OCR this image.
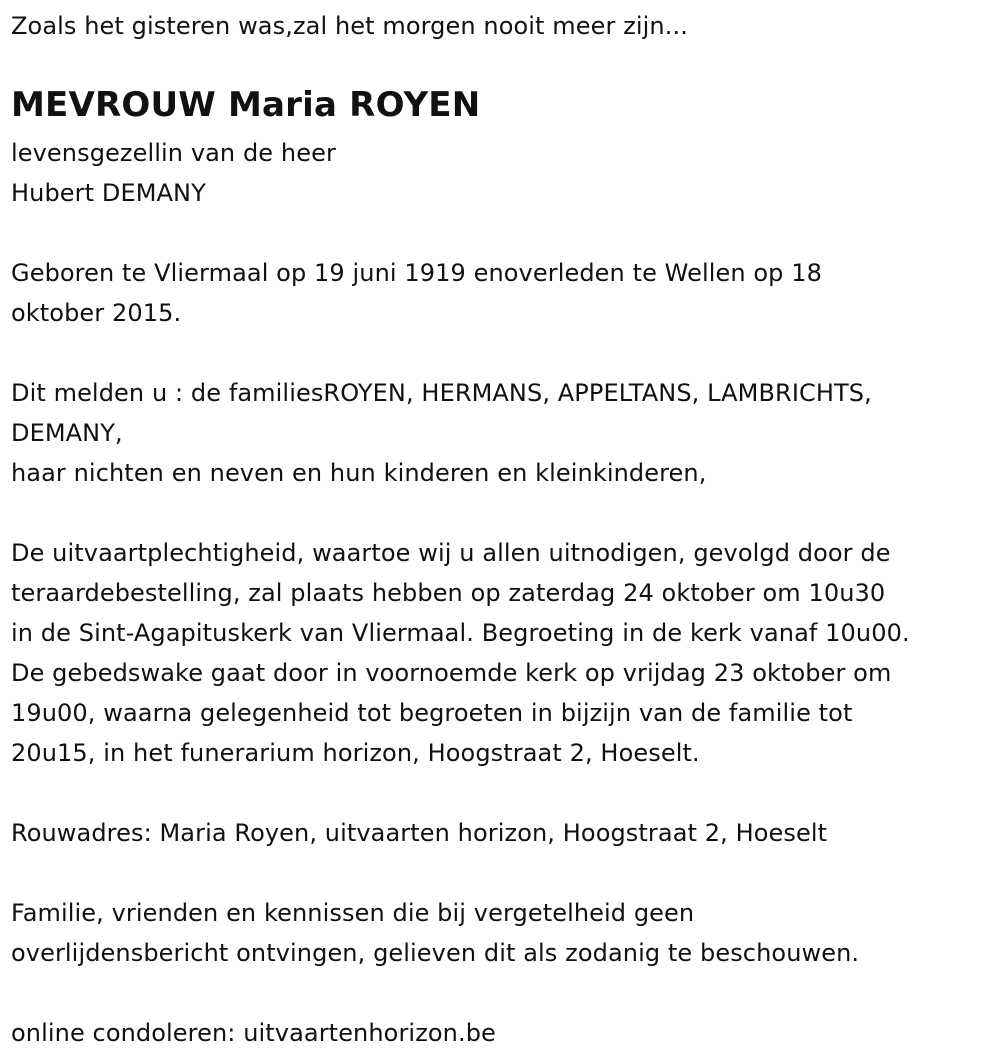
Zoals het gisteren was,zal het morgen nooit meer zijn...
MEVROUW Maria ROYEN
levensgezellin van de heer
Hubert DEMANY
Geboren te Vliermaal op 19 juni 1919 enoverleden te Wellen op 18
oktober 2015.
Dit melden u : de familiesROYEN, HERMANS, APPELTANS, LAMBRICHTS,
DEMANY,
haar nichten en neven en hun kinderen en kleinkinderen,
De uitvaartplechtigheid, waartoe wij u allen uitnodigen, gevolgd door de
teraardebestelling, zal plaats hebben op zaterdag 24 oktober om 10u30
in de Sint-Agapituskerk van Vliermaal. Begroeting in de kerk vanaf 10u00.
De gebedswake gaat door in voornoemde kerk op vrijdag 23 oktober om
19u00, waarna gelegenheid tot begroeten in bijzijn van de familie tot
20u15, in het funerarium horizon, Hoogstraat 2, Hoeselt.
Rouwadres: Maria Royen, uitvaarten horizon, Hoogstraat 2, Hoeselt
Familie, vrienden en kennissen die bij vergetelheid geen
overlijdensbericht ontvingen, gelieven dit als zodanig te beschouwen.
online condoleren: uitvaartenhorizon.be
